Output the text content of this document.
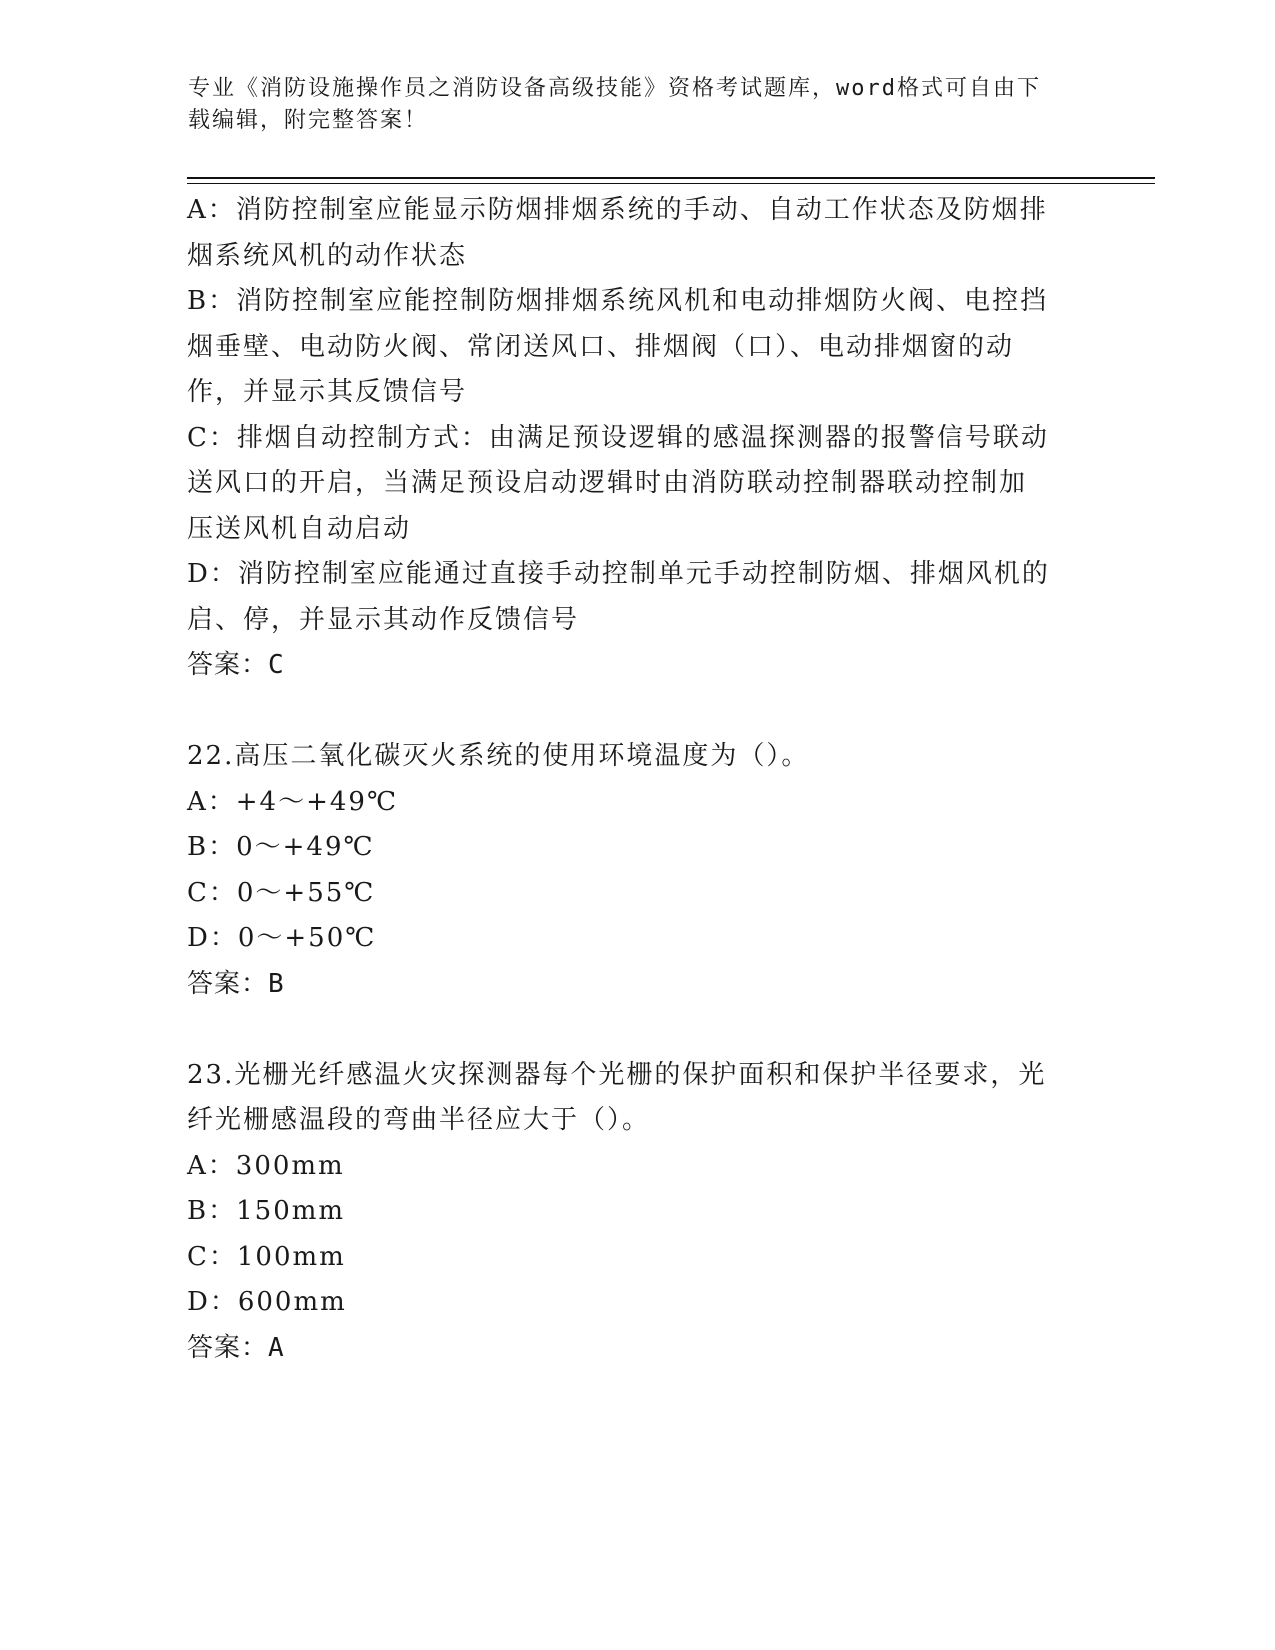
专业《消防设施操作员之消防设备高级技能》资格考试题库，word格式可自由下
载编辑，附完整答案！
A：消防控制室应能显示防烟排烟系统的手动、自动工作状态及防烟排
烟系统风机的动作状态
B：消防控制室应能控制防烟排烟系统风机和电动排烟防火阀、电控挡
烟垂壁、电动防火阀、常闭送风口、排烟阀（口）、电动排烟窗的动
作，并显示其反馈信号
C：排烟自动控制方式：由满足预设逻辑的感温探测器的报警信号联动
送风口的开启，当满足预设启动逻辑时由消防联动控制器联动控制加
压送风机自动启动
D：消防控制室应能通过直接手动控制单元手动控制防烟、排烟风机的
启、停，并显示其动作反馈信号
答案：C
22.高压二氧化碳灭火系统的使用环境温度为（）。
A：+4～+49℃
B：0～+49℃
C：0～+55℃
D：0～+50℃
答案：B
23.光栅光纤感温火灾探测器每个光栅的保护面积和保护半径要求，光
纤光栅感温段的弯曲半径应大于（）。
A：300mm
B：150mm
C：100mm
D：600mm
答案：A
